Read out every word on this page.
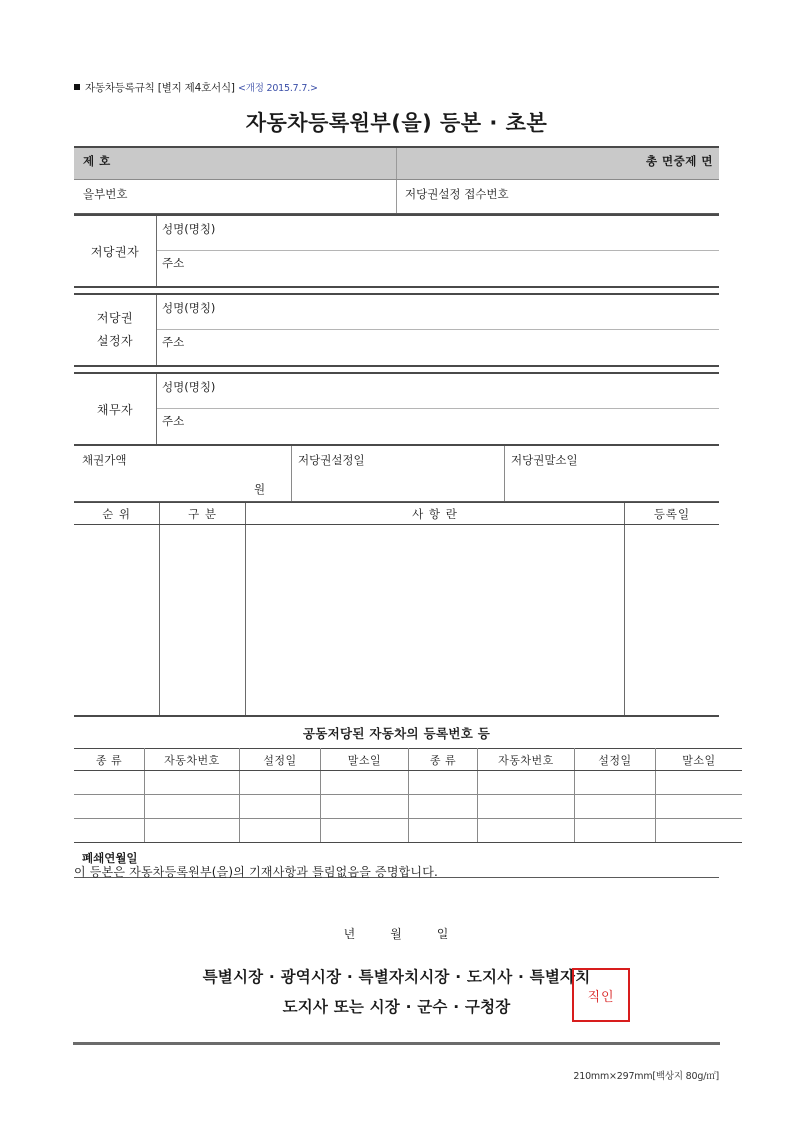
자동차등록규칙 [별지 제4호서식] <개정 2015.7.7.>
자동차등록원부(을) 등본 · 초본
제 호	총 면중제 면
을부번호	저당권설정 접수번호
저당권자
성명(명칭)
주소
저당권
설정자
성명(명칭)
주소
채무자
성명(명칭)
주소
채권가액
원
저당권설정일	저당권말소일
순 위	구 분	사 항 란	등록일
공동저당된 자동차의 등록번호 등
종 류	자동차번호	설정일	말소일	종 류	자동차번호	설정일	말소일

폐쇄연월일
이 등본은 자동차등록원부(을)의 기재사항과 틀림없음을 증명합니다.
년	월	일
특별시장 · 광역시장 · 특별자치시장 · 도지사 · 특별자치
도지사 또는 시장 · 군수 · 구청장
직인
210mm×297mm[백상지 80g/㎡]
